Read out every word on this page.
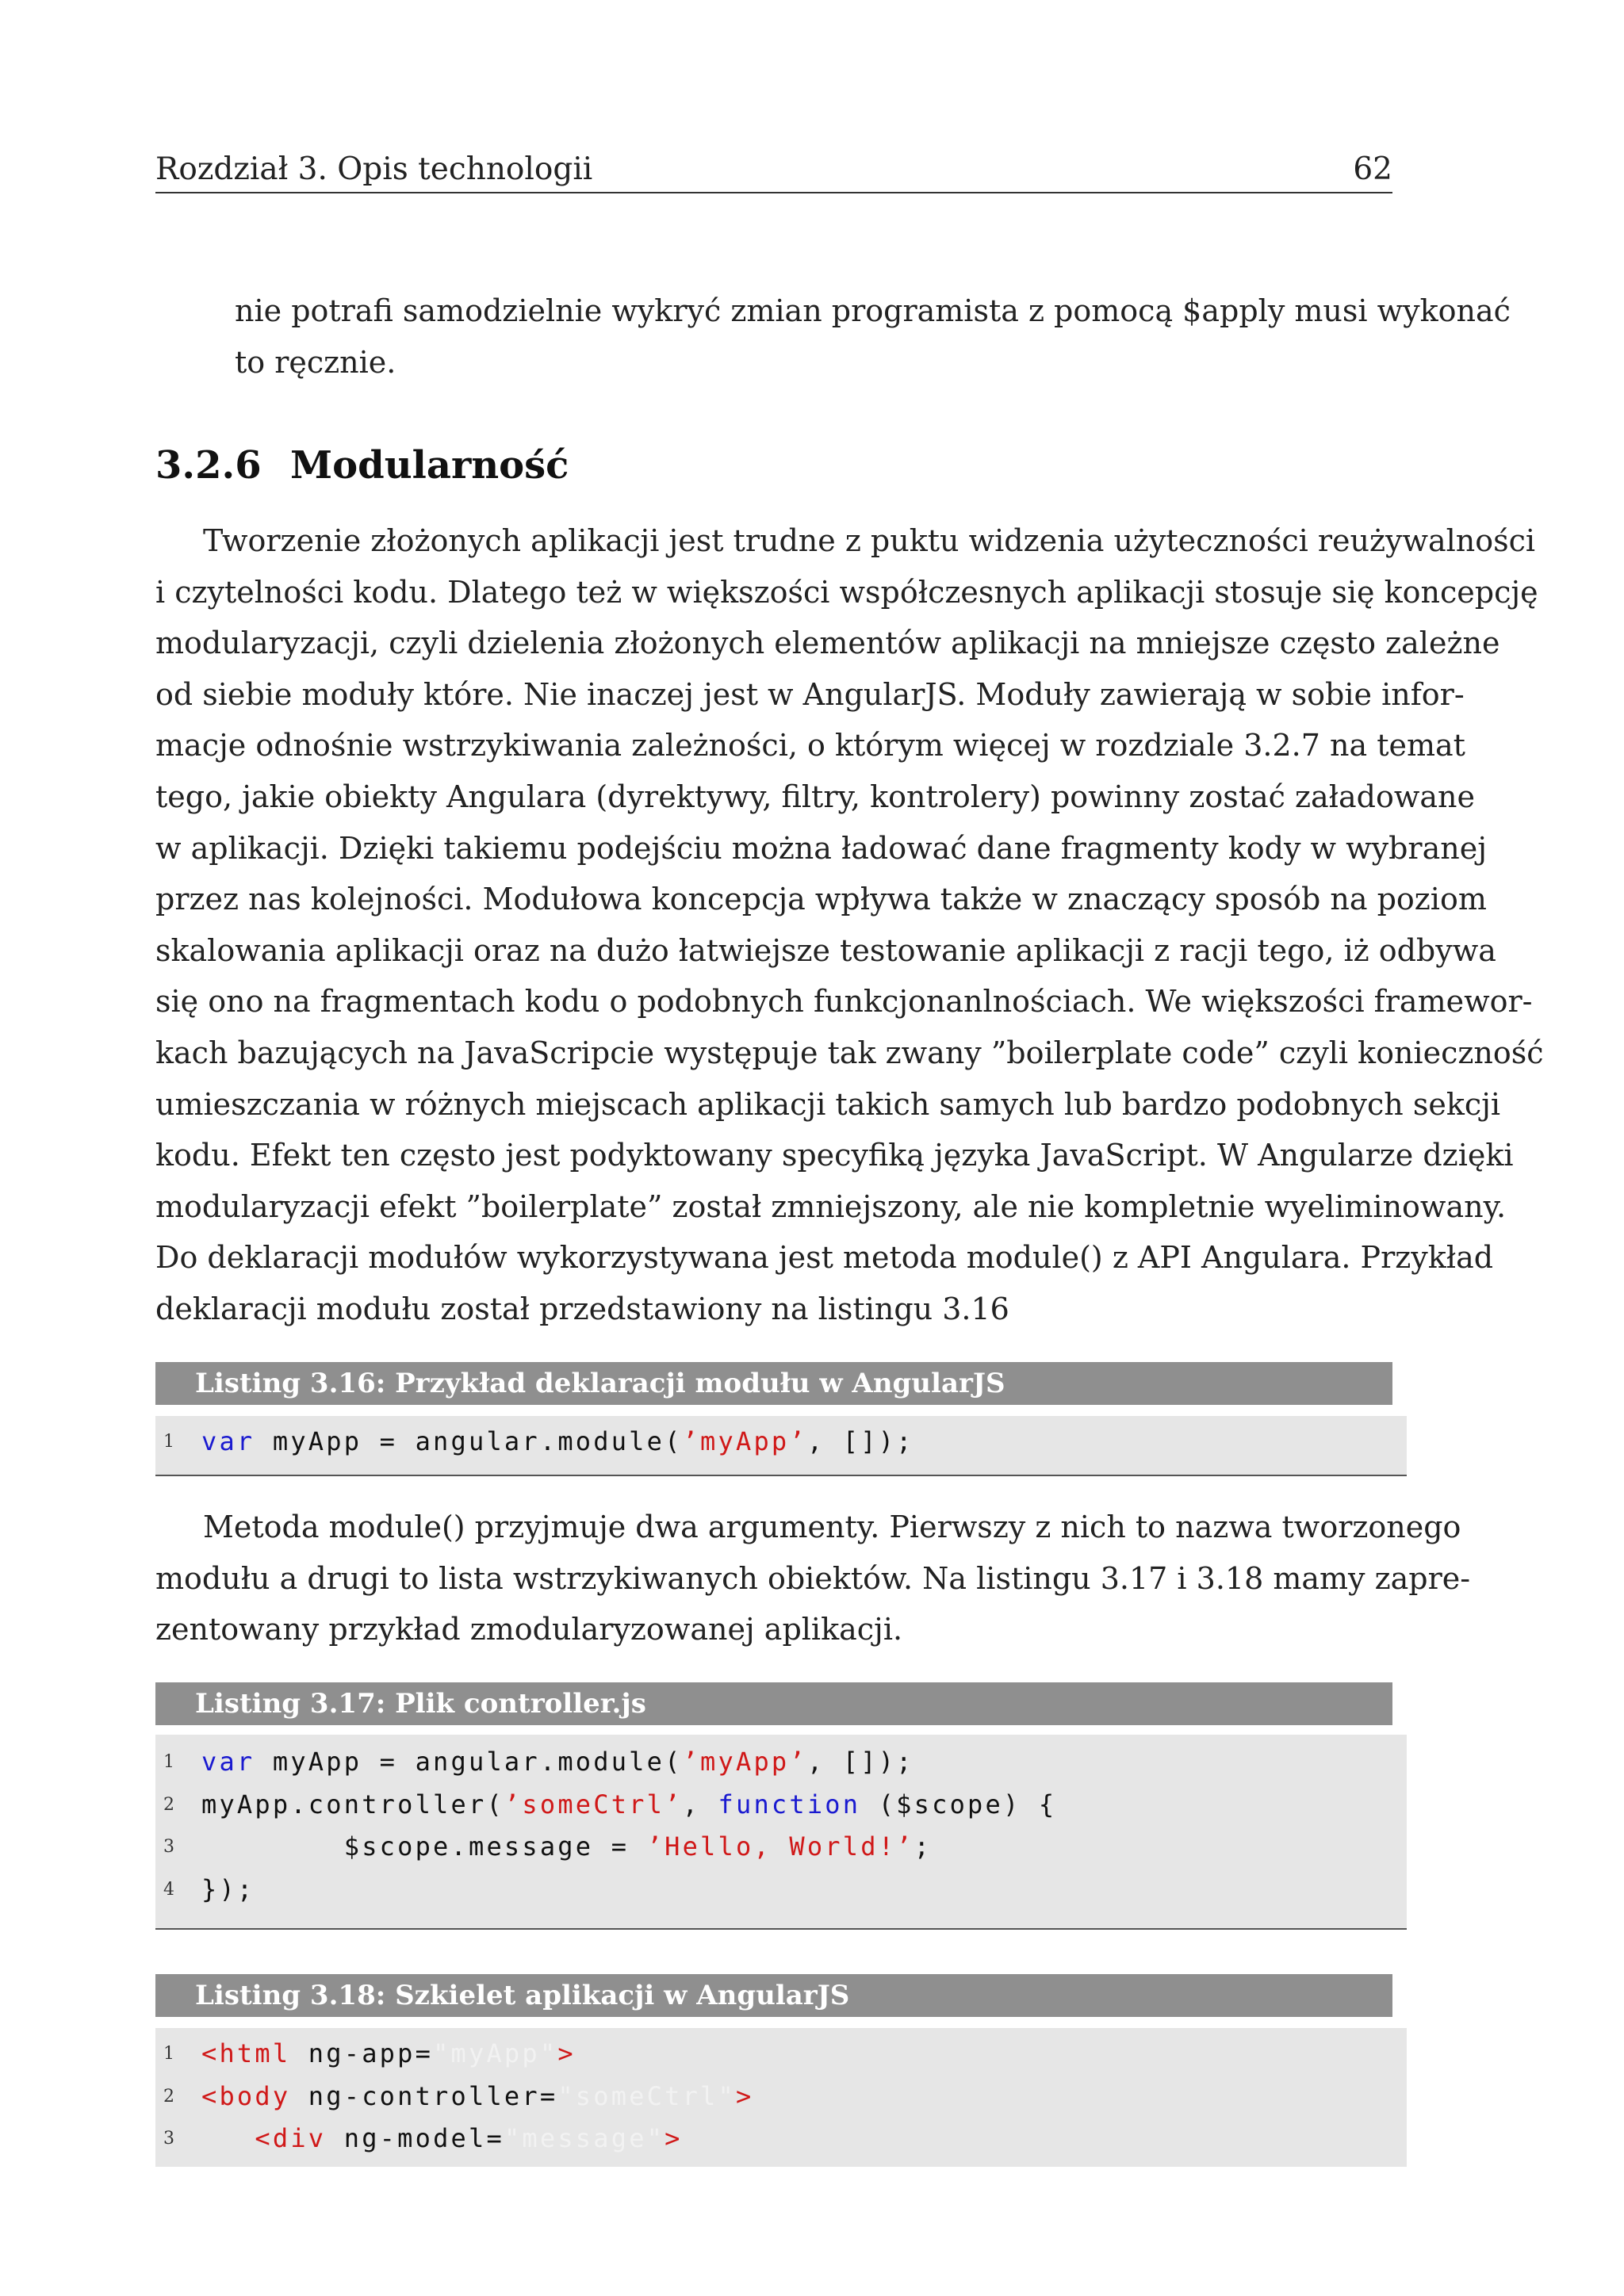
Rozdział 3. Opis technologii	62
nie potrafi samodzielnie wykryć zmian programista z pomocą $apply musi wykonać
to ręcznie.
3.2.6 Modularność
Tworzenie złożonych aplikacji jest trudne z puktu widzenia użyteczności reużywalności
i czytelności kodu. Dlatego też w większości współczesnych aplikacji stosuje się koncepcję
modularyzacji, czyli dzielenia złożonych elementów aplikacji na mniejsze często zależne
od siebie moduły które. Nie inaczej jest w AngularJS. Moduły zawierają w sobie infor-
macje odnośnie wstrzykiwania zależności, o którym więcej w rozdziale 3.2.7 na temat
tego, jakie obiekty Angulara (dyrektywy, filtry, kontrolery) powinny zostać załadowane
w aplikacji. Dzięki takiemu podejściu można ładować dane fragmenty kody w wybranej
przez nas kolejności. Modułowa koncepcja wpływa także w znaczący sposób na poziom
skalowania aplikacji oraz na dużo łatwiejsze testowanie aplikacji z racji tego, iż odbywa
się ono na fragmentach kodu o podobnych funkcjonanlnościach. We większości framewor-
kach bazujących na JavaScripcie występuje tak zwany ”boilerplate code” czyli konieczność
umieszczania w różnych miejscach aplikacji takich samych lub bardzo podobnych sekcji
kodu. Efekt ten często jest podyktowany specyfiką języka JavaScript. W Angularze dzięki
modularyzacji efekt ”boilerplate” został zmniejszony, ale nie kompletnie wyeliminowany.
Do deklaracji modułów wykorzystywana jest metoda module() z API Angulara. Przykład
deklaracji modułu został przedstawiony na listingu 3.16
Listing 3.16: Przykład deklaracji modułu w AngularJS
1 var myApp = angular.module(’myApp’, []);
Metoda module() przyjmuje dwa argumenty. Pierwszy z nich to nazwa tworzonego
modułu a drugi to lista wstrzykiwanych obiektów. Na listingu 3.17 i 3.18 mamy zapre-
zentowany przykład zmodularyzowanej aplikacji.
Listing 3.17: Plik controller.js
1 var myApp = angular.module(’myApp’, []);
2 myApp.controller(’someCtrl’, function ($scope) {
3 $scope.message = ’Hello, World!’;
4 });
Listing 3.18: Szkielet aplikacji w AngularJS
1 <html ng-app="myApp">
2 <body ng-controller="someCtrl">
3	<div ng-model="message">
